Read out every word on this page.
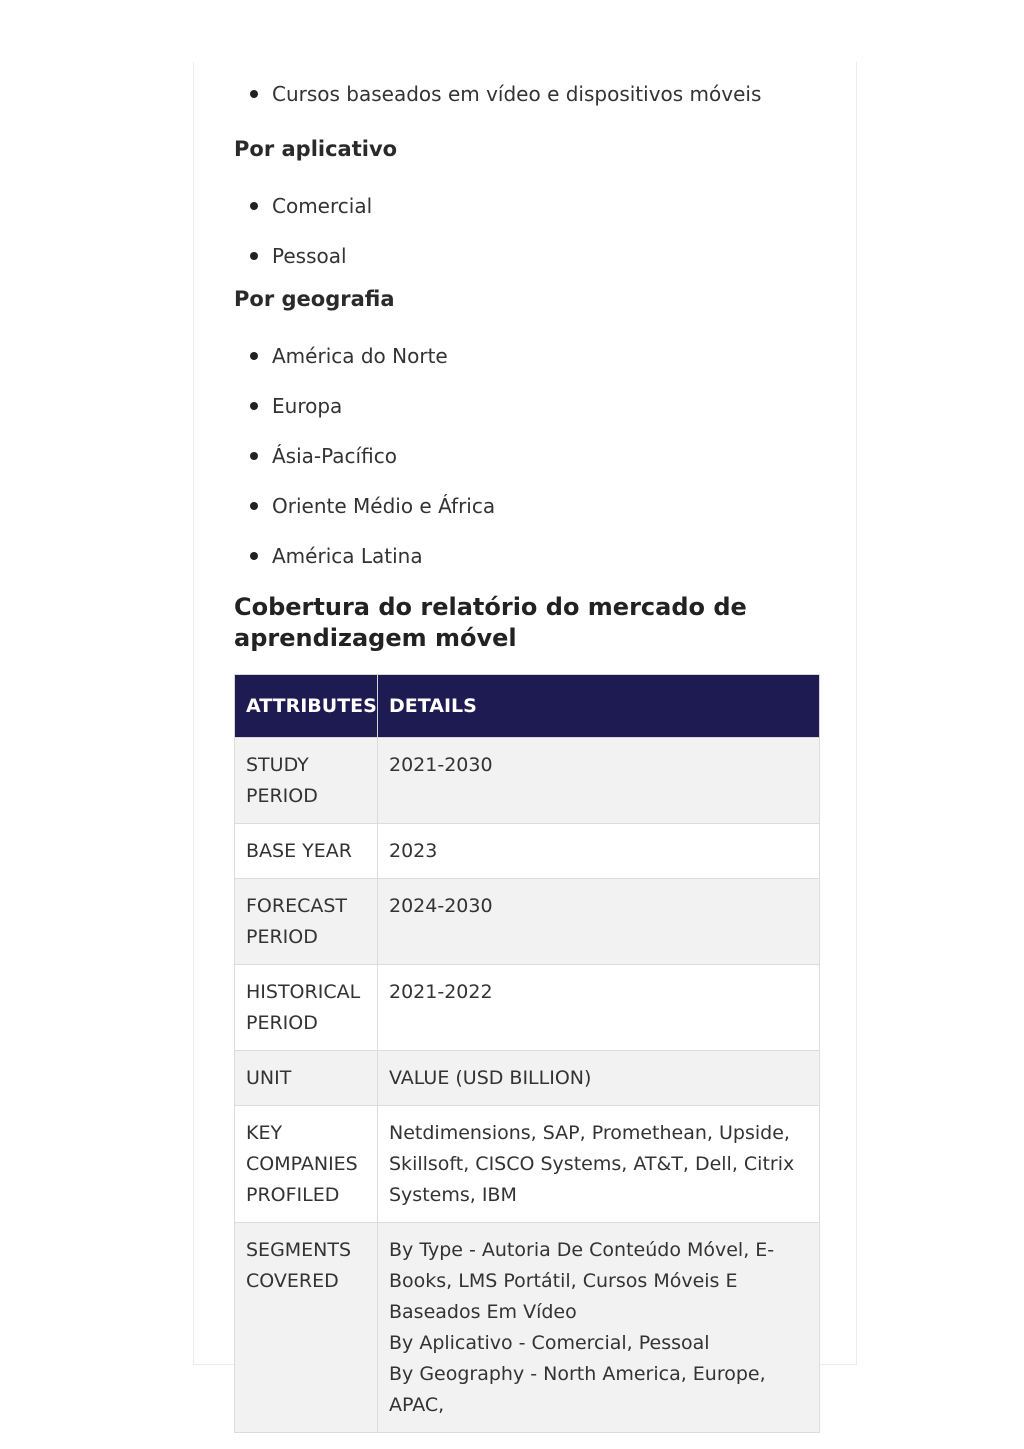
Cursos baseados em vídeo e dispositivos móveis
Por aplicativo
Comercial
Pessoal
Por geografia
América do Norte
Europa
Ásia-Pacífico
Oriente Médio e África
América Latina
Cobertura do relatório do mercado de aprendizagem móvel
ATTRIBUTES	DETAILS
STUDY PERIOD	2021-2030

BASE YEAR	2023

FORECAST PERIOD	2024-2030

HISTORICAL PERIOD	2021-2022

UNIT	VALUE (USD BILLION)

KEY COMPANIES PROFILED	Netdimensions, SAP, Promethean, Upside, Skillsoft, CISCO Systems, AT&T, Dell, Citrix Systems, IBM

SEGMENTS COVERED	By Type - Autoria De Conteúdo Móvel, E-Books, LMS Portátil, Cursos Móveis E Baseados Em Vídeo
By Aplicativo - Comercial, Pessoal
By Geography - North America, Europe, APAC,
